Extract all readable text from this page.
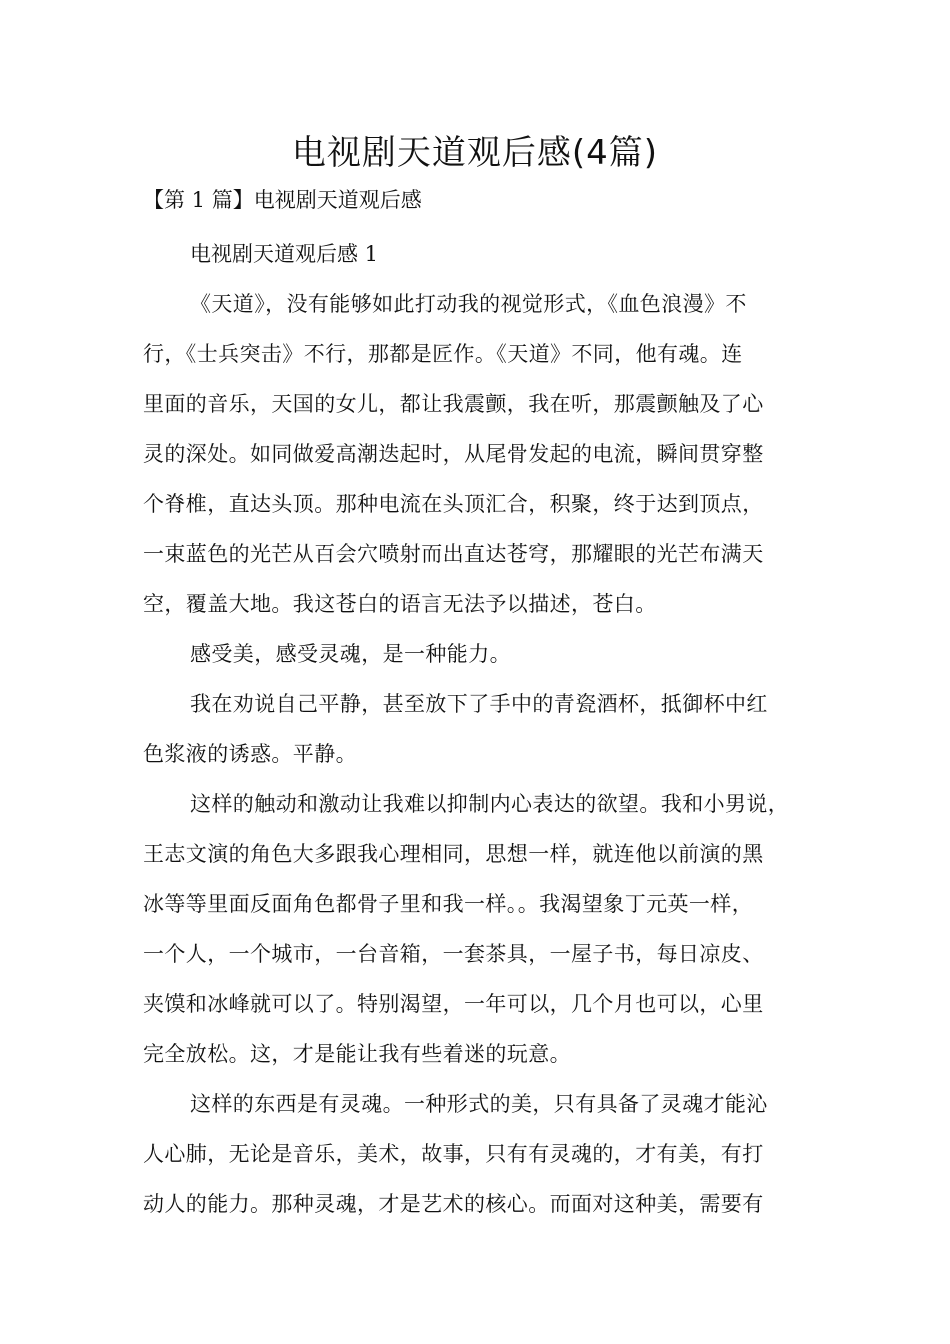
电视剧天道观后感(4篇)
【第 1 篇】电视剧天道观后感

电视剧天道观后感 1

《天道》，没有能够如此打动我的视觉形式，《血色浪漫》不
行，《士兵突击》不行，那都是匠作。《天道》不同，他有魂。连
里面的音乐，天国的女儿，都让我震颤，我在听，那震颤触及了心
灵的深处。如同做爱高潮迭起时，从尾骨发起的电流，瞬间贯穿整
个脊椎，直达头顶。那种电流在头顶汇合，积聚，终于达到顶点，
一束蓝色的光芒从百会穴喷射而出直达苍穹，那耀眼的光芒布满天
空，覆盖大地。我这苍白的语言无法予以描述，苍白。
感受美，感受灵魂，是一种能力。
我在劝说自己平静，甚至放下了手中的青瓷酒杯，抵御杯中红
色浆液的诱惑。平静。
这样的触动和激动让我难以抑制内心表达的欲望。我和小男说，
王志文演的角色大多跟我心理相同，思想一样，就连他以前演的黑
冰等等里面反面角色都骨子里和我一样。。我渴望象丁元英一样，
一个人，一个城市，一台音箱，一套茶具，一屋子书，每日凉皮、
夹馍和冰峰就可以了。特别渴望，一年可以，几个月也可以，心里
完全放松。这，才是能让我有些着迷的玩意。
这样的东西是有灵魂。一种形式的美，只有具备了灵魂才能沁
人心肺，无论是音乐，美术，故事，只有有灵魂的，才有美，有打
动人的能力。那种灵魂，才是艺术的核心。而面对这种美，需要有
